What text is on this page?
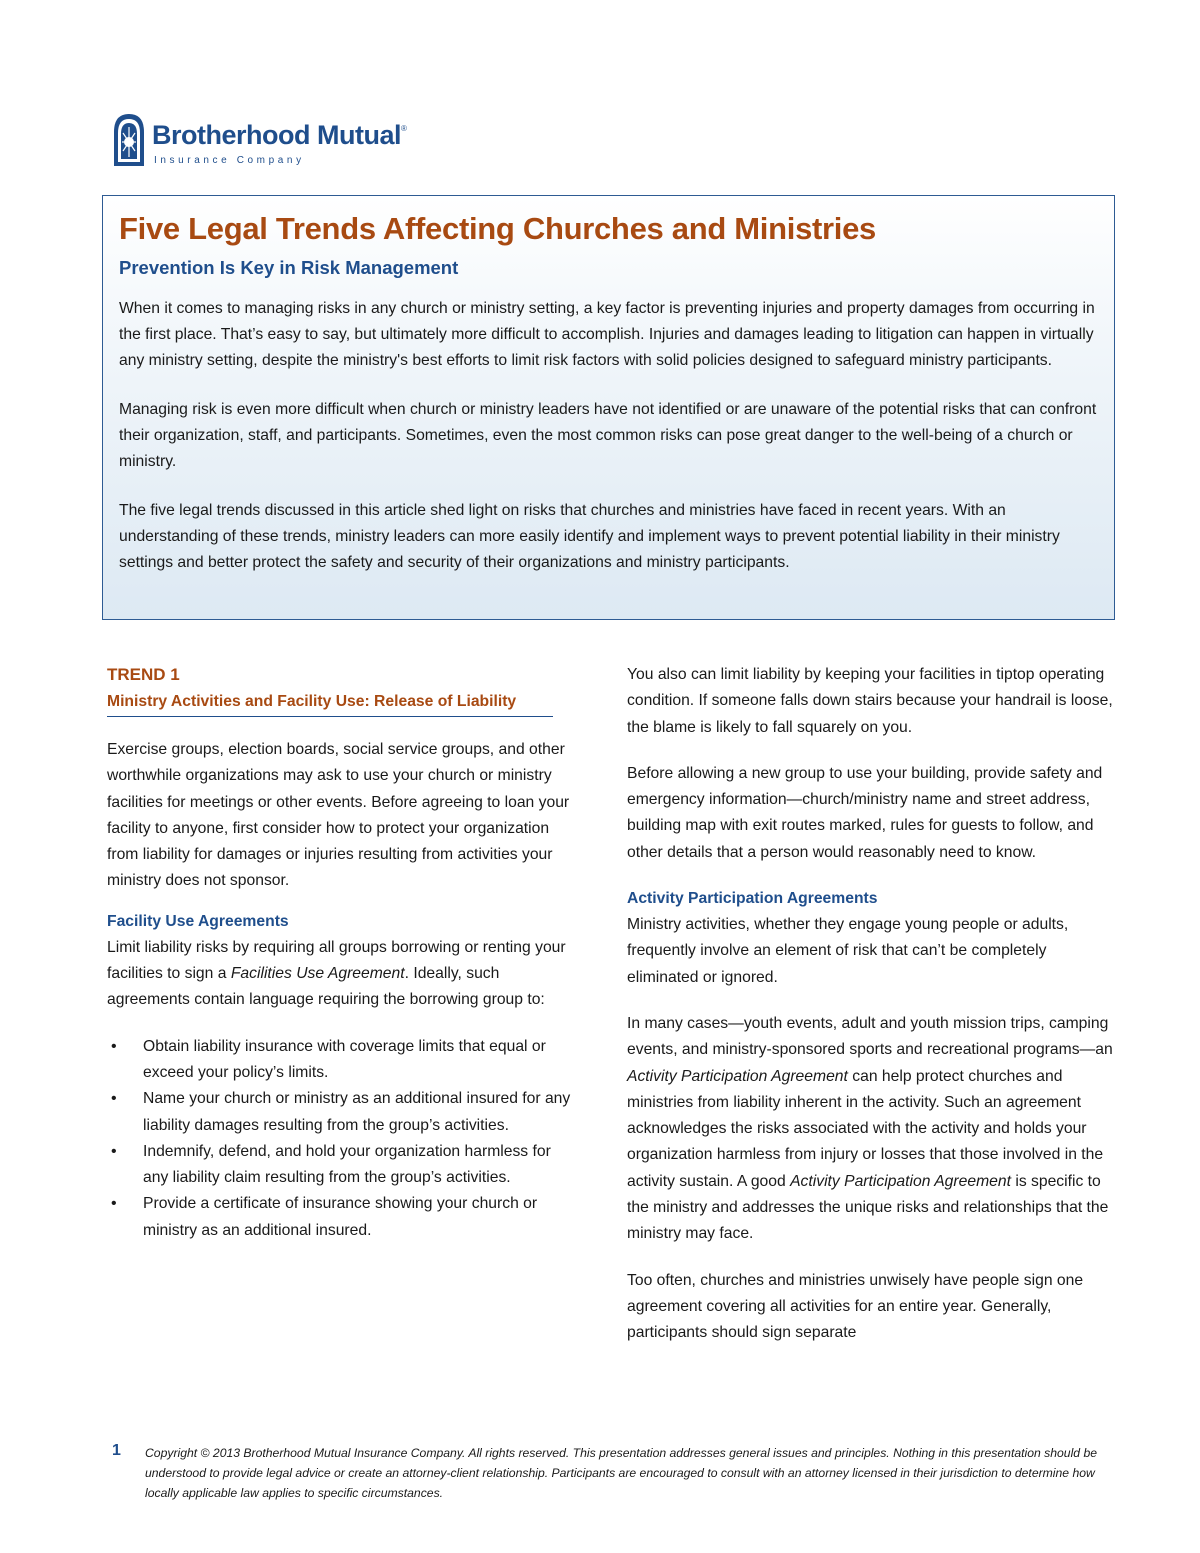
Brotherhood Mutual®
Insurance Company
Five Legal Trends Affecting Churches and Ministries
Prevention Is Key in Risk Management

When it comes to managing risks in any church or ministry setting, a key factor is preventing injuries and property damages from occurring in the first place. That’s easy to say, but ultimately more difficult to accomplish. Injuries and damages leading to litigation can happen in virtually any ministry setting, despite the ministry's best efforts to limit risk factors with solid policies designed to safeguard ministry participants.

Managing risk is even more difficult when church or ministry leaders have not identified or are unaware of the potential risks that can confront their organization, staff, and participants. Sometimes, even the most common risks can pose great danger to the well-being of a church or ministry.

The five legal trends discussed in this article shed light on risks that churches and ministries have faced in recent years. With an understanding of these trends, ministry leaders can more easily identify and implement ways to prevent potential liability in their ministry settings and better protect the safety and security of their organizations and ministry participants.

TREND 1
Ministry Activities and Facility Use: Release of Liability

Exercise groups, election boards, social service groups, and other worthwhile organizations may ask to use your church or ministry facilities for meetings or other events. Before agreeing to loan your facility to anyone, first consider how to protect your organization from liability for damages or injuries resulting from activities your ministry does not sponsor.

Facility Use Agreements

Limit liability risks by requiring all groups borrowing or renting your facilities to sign a Facilities Use Agreement. Ideally, such agreements contain language requiring the borrowing group to:

• Obtain liability insurance with coverage limits that equal or exceed your policy’s limits.
• Name your church or ministry as an additional insured for any liability damages resulting from the group’s activities.
• Indemnify, defend, and hold your organization harmless for any liability claim resulting from the group’s activities.
• Provide a certificate of insurance showing your church or ministry as an additional insured.

You also can limit liability by keeping your facilities in tiptop operating condition. If someone falls down stairs because your handrail is loose, the blame is likely to fall squarely on you.

Before allowing a new group to use your building, provide safety and emergency information—church/ministry name and street address, building map with exit routes marked, rules for guests to follow, and other details that a person would reasonably need to know.

Activity Participation Agreements

Ministry activities, whether they engage young people or adults, frequently involve an element of risk that can’t be completely eliminated or ignored.

In many cases—youth events, adult and youth mission trips, camping events, and ministry-sponsored sports and recreational programs—an Activity Participation Agreement can help protect churches and ministries from liability inherent in the activity. Such an agreement acknowledges the risks associated with the activity and holds your organization harmless from injury or losses that those involved in the activity sustain. A good Activity Participation Agreement is specific to the ministry and addresses the unique risks and relationships that the ministry may face.

Too often, churches and ministries unwisely have people sign one agreement covering all activities for an entire year. Generally, participants should sign separate

1 Copyright © 2013 Brotherhood Mutual Insurance Company. All rights reserved. This presentation addresses general issues and principles. Nothing in this presentation should be understood to provide legal advice or create an attorney-client relationship. Participants are encouraged to consult with an attorney licensed in their jurisdiction to determine how locally applicable law applies to specific circumstances.
